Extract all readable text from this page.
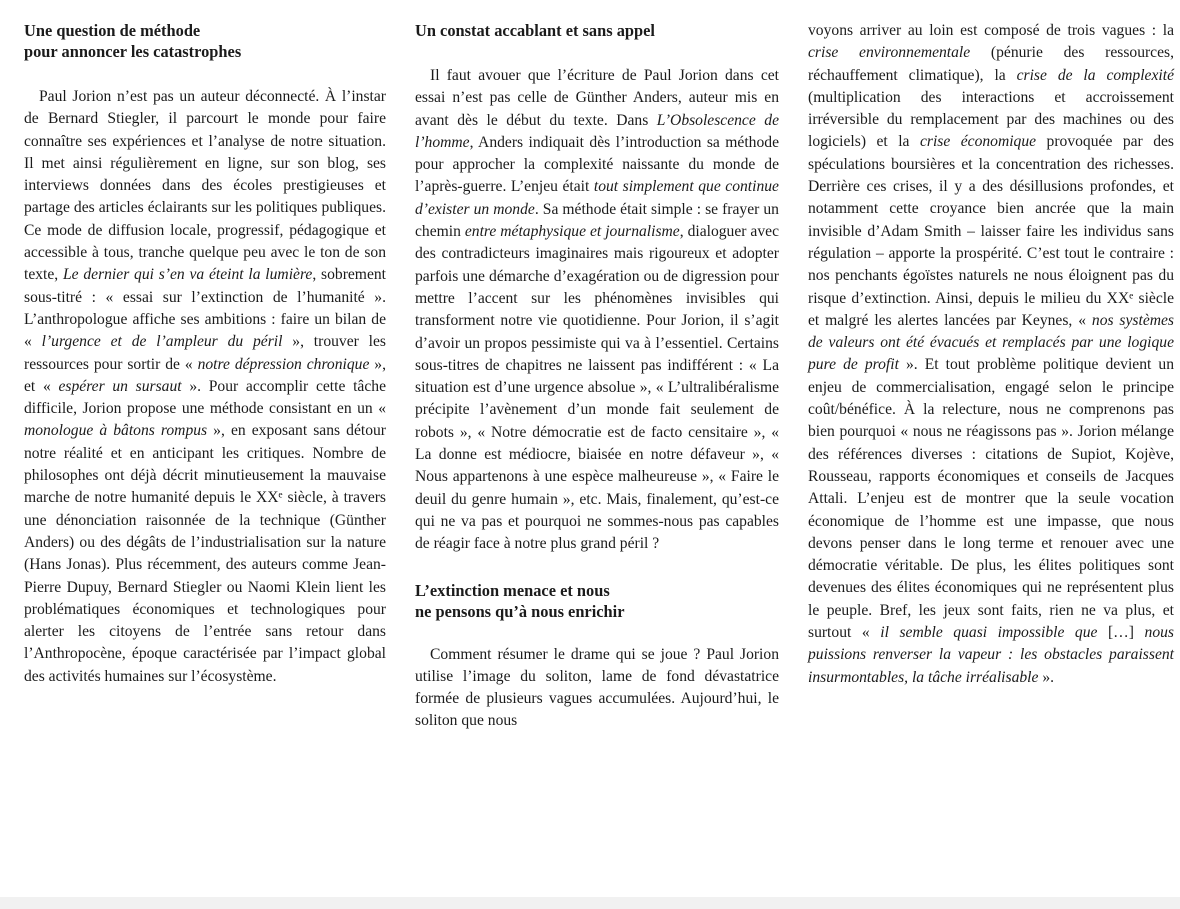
Une question de méthode
pour annoncer les catastrophes

Paul Jorion n’est pas un auteur déconnecté. À l’instar de Bernard Stiegler, il parcourt le monde pour faire connaître ses expériences et l’analyse de notre situation. Il met ainsi régulièrement en ligne, sur son blog, ses interviews données dans des écoles prestigieuses et partage des articles éclairants sur les politiques publiques. Ce mode de diffusion locale, progressif, pédagogique et accessible à tous, tranche quelque peu avec le ton de son texte, Le dernier qui s’en va éteint la lumière, sobrement sous-titré : « essai sur l’extinction de l’humanité ». L’anthropologue affiche ses ambitions : faire un bilan de « l’urgence et de l’ampleur du péril », trouver les ressources pour sortir de « notre dépression chronique », et « espérer un sursaut ». Pour accomplir cette tâche difficile, Jorion propose une méthode consistant en un « monologue à bâtons rompus », en exposant sans détour notre réalité et en anticipant les critiques. Nombre de philosophes ont déjà décrit minutieusement la mauvaise marche de notre humanité depuis le XXᵉ siècle, à travers une dénonciation raisonnée de la technique (Günther Anders) ou des dégâts de l’industrialisation sur la nature (Hans Jonas). Plus récemment, des auteurs comme Jean-Pierre Dupuy, Bernard Stiegler ou Naomi Klein lient les problématiques économiques et technologiques pour alerter les citoyens de l’entrée sans retour dans l’Anthropocène, époque caractérisée par l’impact global des activités humaines sur l’écosystème.

Un constat accablant et sans appel

Il faut avouer que l’écriture de Paul Jorion dans cet essai n’est pas celle de Günther Anders, auteur mis en avant dès le début du texte. Dans L’Obsolescence de l’homme, Anders indiquait dès l’introduction sa méthode pour approcher la complexité naissante du monde de l’après-guerre. L’enjeu était tout simplement que continue d’exister un monde. Sa méthode était simple : se frayer un chemin entre métaphysique et journalisme, dialoguer avec des contradicteurs imaginaires mais rigoureux et adopter parfois une démarche d’exagération ou de digression pour mettre l’accent sur les phénomènes invisibles qui transforment notre vie quotidienne. Pour Jorion, il s’agit d’avoir un propos pessimiste qui va à l’essentiel. Certains sous-titres de chapitres ne laissent pas indifférent : « La situation est d’une urgence absolue », « L’ultralibéralisme précipite l’avènement d’un monde fait seulement de robots », « Notre démocratie est de facto censitaire », « La donne est médiocre, biaisée en notre défaveur », « Nous appartenons à une espèce malheureuse », « Faire le deuil du genre humain », etc. Mais, finalement, qu’est-ce qui ne va pas et pourquoi ne sommes-nous pas capables de réagir face à notre plus grand péril ?

L’extinction menace et nous
ne pensons qu’à nous enrichir

Comment résumer le drame qui se joue ? Paul Jorion utilise l’image du soliton, lame de fond dévastatrice formée de plusieurs vagues accumulées. Aujourd’hui, le soliton que nous

voyons arriver au loin est composé de trois vagues : la crise environnementale (pénurie des ressources, réchauffement climatique), la crise de la complexité (multiplication des interactions et accroissement irréversible du remplacement par des machines ou des logiciels) et la crise économique provoquée par des spéculations boursières et la concentration des richesses. Derrière ces crises, il y a des désillusions profondes, et notamment cette croyance bien ancrée que la main invisible d’Adam Smith – laisser faire les individus sans régulation – apporte la prospérité. C’est tout le contraire : nos penchants égoïstes naturels ne nous éloignent pas du risque d’extinction. Ainsi, depuis le milieu du XXᵉ siècle et malgré les alertes lancées par Keynes, « nos systèmes de valeurs ont été évacués et remplacés par une logique pure de profit ». Et tout problème politique devient un enjeu de commercialisation, engagé selon le principe coût/bénéfice. À la relecture, nous ne comprenons pas bien pourquoi « nous ne réagissons pas ». Jorion mélange des références diverses : citations de Supiot, Kojève, Rousseau, rapports économiques et conseils de Jacques Attali. L’enjeu est de montrer que la seule vocation économique de l’homme est une impasse, que nous devons penser dans le long terme et renouer avec une démocratie véritable. De plus, les élites politiques sont devenues des élites économiques qui ne représentent plus le peuple. Bref, les jeux sont faits, rien ne va plus, et surtout « il semble quasi impossible que […] nous puissions renverser la vapeur : les obstacles paraissent insurmontables, la tâche irréalisable ».
